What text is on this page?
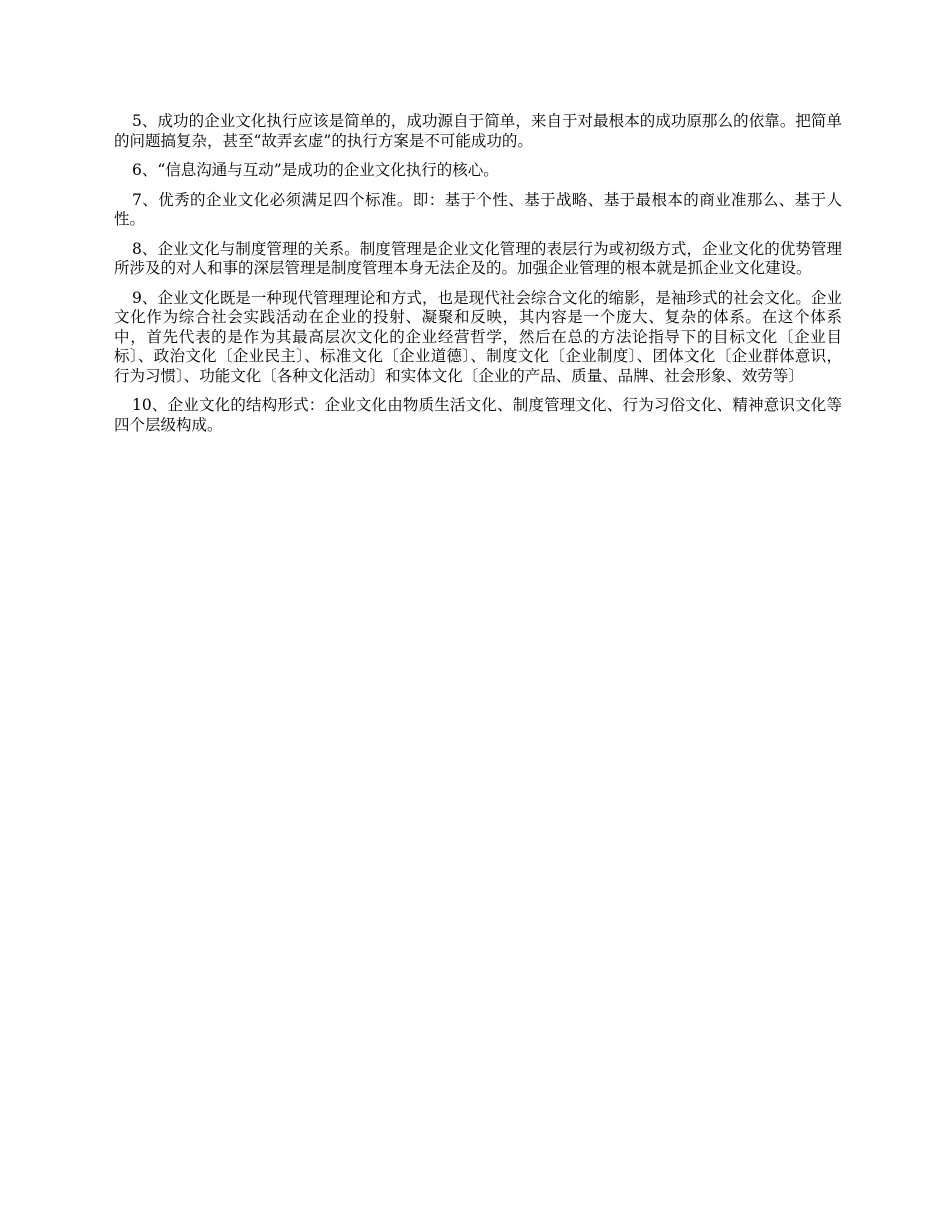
5、成功的企业文化执行应该是简单的，成功源自于简单，来自于对最根本的成功原那么的依靠。把简单的问题搞复杂，甚至“故弄玄虚”的执行方案是不可能成功的。

6、“信息沟通与互动”是成功的企业文化执行的核心。

7、优秀的企业文化必须满足四个标准。即：基于个性、基于战略、基于最根本的商业准那么、基于人性。

8、企业文化与制度管理的关系。制度管理是企业文化管理的表层行为或初级方式，企业文化的优势管理所涉及的对人和事的深层管理是制度管理本身无法企及的。加强企业管理的根本就是抓企业文化建设。

9、企业文化既是一种现代管理理论和方式，也是现代社会综合文化的缩影，是袖珍式的社会文化。企业文化作为综合社会实践活动在企业的投射、凝聚和反映，其内容是一个庞大、复杂的体系。在这个体系中，首先代表的是作为其最高层次文化的企业经营哲学，然后在总的方法论指导下的目标文化〔企业目标〕、政治文化〔企业民主〕、标准文化〔企业道德〕、制度文化〔企业制度〕、团体文化〔企业群体意识，行为习惯〕、功能文化〔各种文化活动〕和实体文化〔企业的产品、质量、品牌、社会形象、效劳等〕

10、企业文化的结构形式：企业文化由物质生活文化、制度管理文化、行为习俗文化、精神意识文化等四个层级构成。
